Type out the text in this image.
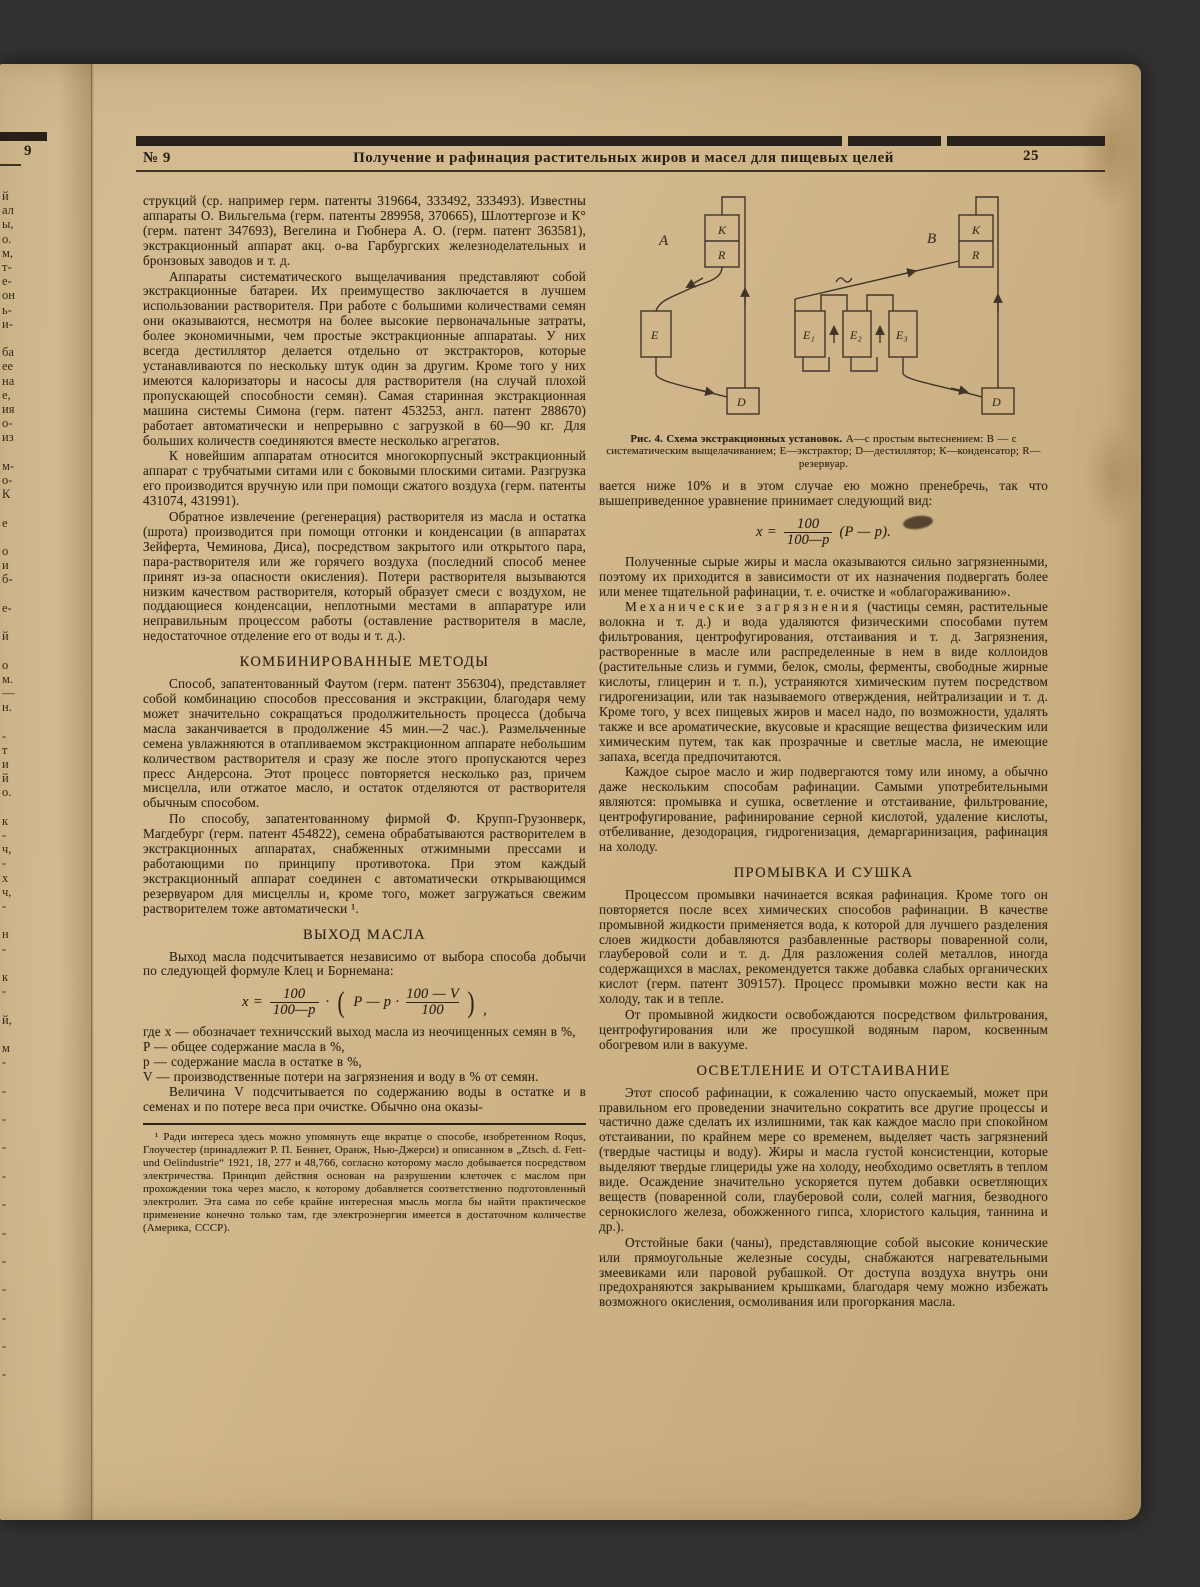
9
й
ал
ы,
о.
м,
т-
е-
он
ь-
и-
ба
ее
на
е,
ия
о-
из
м-
о-
К
е
о
и
б-
е-
й
о
м.
—
н.
-
т
и
й
о.
к
-
ч,
-
х
ч,
-
н
-
к
-
й,
м
-
-
-
-
-
-
-
-
-
-
-
-
№ 9	Получение и рафинация растительных жиров и масел для пищевых целей	25

струкций (ср. например герм. патенты 319664, 333492, 333493). Известны аппараты О. Вильгельма (герм. патенты 289958, 370665), Шлоттергозе и К° (герм. патент 347693), Вегелина и Гюбнера А. О. (герм. патент 363581), экстракционный аппарат акц. о-ва Гарбургских железноделательных и бронзовых заводов и т. д.

Аппараты систематического выщелачивания представляют собой экстракционные батареи. Их преимущество заключается в лучшем использовании растворителя. При работе с большими количествами семян они оказываются, несмотря на более высокие первоначальные затраты, более экономичными, чем простые экстракционные аппаратаы. У них всегда дестиллятор делается отдельно от экстракторов, которые устанавливаются по нескольку штук один за другим. Кроме того у них имеются калоризаторы и насосы для растворителя (на случай плохой пропускающей способности семян). Самая старинная экстракционная машина системы Симона (герм. патент 453253, англ. патент 288670) работает автоматически и непрерывно с загрузкой в 60—90 кг. Для больших количеств соединяются вместе несколько агрегатов.

К новейшим аппаратам относится многокорпусный экстракционный аппарат с трубчатыми ситами или с боковыми плоскими ситами. Разгрузка его производится вручную или при помощи сжатого воздуха (герм. патенты 431074, 431991).

Обратное извлечение (регенерация) растворителя из масла и остатка (шрота) производится при помощи отгонки и конденсации (в аппаратах Зейферта, Чеминова, Диса), посредством закрытого или открытого пара, пара-растворителя или же горячего воздуха (последний способ менее принят из-за опасности окисления). Потери растворителя вызываются низким качеством растворителя, который образует смеси с воздухом, не поддающиеся конденсации, неплотными местами в аппаратуре или неправильным процессом работы (оставление растворителя в масле, недостаточное отделение его от воды и т. д.).

КОМБИНИРОВАННЫЕ МЕТОДЫ

Способ, запатентованный Фаутом (герм. патент 356304), представляет собой комбинацию способов прессования и экстракции, благодаря чему может значительно сокращаться продолжительность процесса (добыча масла заканчивается в продолжение 45 мин.—2 час.). Размельченные семена увлажняются в отапливаемом экстракционном аппарате небольшим количеством растворителя и сразу же после этого пропускаются через пресс Андерсона. Этот процесс повторяется несколько раз, причем мисцелла, или отжатое масло, и остаток отделяются от растворителя обычным способом.

По способу, запатентованному фирмой Ф. Крупп-Грузонверк, Магдебург (герм. патент 454822), семена обрабатываются растворителем в экстракционных аппаратах, снабженных отжимными прессами и работающими по принципу противотока. При этом каждый экстракционный аппарат соединен с автоматически открывающимся резервуаром для мисцеллы и, кроме того, может загружаться свежим растворителем тоже автоматически ¹.

ВЫХОД МАСЛА

Выход масла подсчитывается независимо от выбора способа добычи по следующей формуле Клец и Борнемана:

$x = \frac{100}{100—p}$ · ( P — $p \cdot \frac{100 — V}{100}$ ) ,
где x — обозначает техничсский выход масла из неочищенных семян в %,
P — общее содержание масла в %,
p — содержание масла в остатке в %,
V — производственные потери на загрязнения и воду в % от семян.

Величина V подсчитывается по содержанию воды в остатке и в семенах и по потере веса при очистке. Обычно она оказы-

¹ Ради интереса здесь можно упомянуть еще вкратце о способе, изобретенном Roqus, Глоучестер (принадлежит Р. П. Беннет, Оранж, Нью-Джерси) и описанном в „Ztsch. d. Fett-und Oelindustrie“ 1921, 18, 277 и 48,766, согласно которому масло добывается посредством электричества. Принцип действия основан на разрушении клеточек с маслом при прохождении тока через масло, к которому добавляется соответственно подготовленный электролит. Эта сама по себе крайне интересная мысль могла бы найти практическое применение конечно только там, где электроэнергия имеется в достаточном количестве (Америка, СССР).
A
K
R
E
D
B
K
R
E₁	E₂	E₃
D
Рис. 4. Схема экстракционных установок. А—с простым вытеснением: В — с систематическим выщелачиванием; Е—экстрактор; D—дестиллятор; К—конденсатор; R—резервуар.

вается ниже 10% и в этом случае ею можно пренебречь, так что вышеприведенное уравнение принимает следующий вид:

$x = \frac{100}{100—p} (P$ — p).

Полученные сырые жиры и масла оказываются сильно загрязненными, поэтому их приходится в зависимости от их назначения подвергать более или менее тщательной рафинации, т. е. очистке и «облагораживанию».

Механические загрязнения (частицы семян, растительные волокна и т. д.) и вода удаляются физическими способами путем фильтрования, центрофугирования, отстаивания и т. д. Загрязнения, растворенные в масле или распределенные в нем в виде коллоидов (растительные слизь и гумми, белок, смолы, ферменты, свободные жирные кислоты, глицерин и т. п.), устраняются химическим путем посредством гидрогенизации, или так называемого отверждения, нейтрализации и т. д. Кроме того, у всех пищевых жиров и масел надо, по возможности, удалять также и все ароматические, вкусовые и красящие вещества физическим или химическим путем, так как прозрачные и светлые масла, не имеющие запаха, всегда предпочитаются.

Каждое сырое масло и жир подвергаются тому или иному, а обычно даже нескольким способам рафинации. Самыми употребительными являются: промывка и сушка, осветление и отстаивание, фильтрование, центрофугирование, рафинирование серной кислотой, удаление кислоты, отбеливание, дезодорация, гидрогенизация, демаргаринизация, рафинация на холоду.

ПРОМЫВКА И СУШКА

Процессом промывки начинается всякая рафинация. Кроме того он повторяется после всех химических способов рафинации. В качестве промывной жидкости применяется вода, к которой для лучшего разделения слоев жидкости добавляются разбавленные растворы поваренной соли, глауберовой соли и т. д. Для разложения солей металлов, иногда содержащихся в маслах, рекомендуется также добавка слабых органических кислот (герм. патент 309157). Процесс промывки можно вести как на холоду, так и в тепле.

От промывной жидкости освобождаются посредством фильтрования, центрофугирования или же просушкой водяным паром, косвенным обогревом или в вакууме.

ОСВЕТЛЕНИЕ И ОТСТАИВАНИЕ

Этот способ рафинации, к сожалению часто опускаемый, может при правильном его проведении значительно сократить все другие процессы и частично даже сделать их излишними, так как каждое масло при спокойном отстаивании, по крайнем мере со временем, выделяет часть загрязнений (твердые частицы и воду). Жиры и масла густой консистенции, которые выделяют твердые глицериды уже на холоду, необходимо осветлять в теплом виде. Осаждение значительно ускоряется путем добавки осветляющих веществ (поваренной соли, глауберовой соли, солей магния, безводного сернокислого железа, обожженного гипса, хлористого кальция, таннина и др.).

Отстойные баки (чаны), представляющие собой высокие конические или прямоугольные железные сосуды, снабжаются нагревательными змеевиками или паровой рубашкой. От доступа воздуха внутрь они предохраняются закрыванием крышками, благодаря чему можно избежать возможного окисления, осмоливания или прогоркания масла.
